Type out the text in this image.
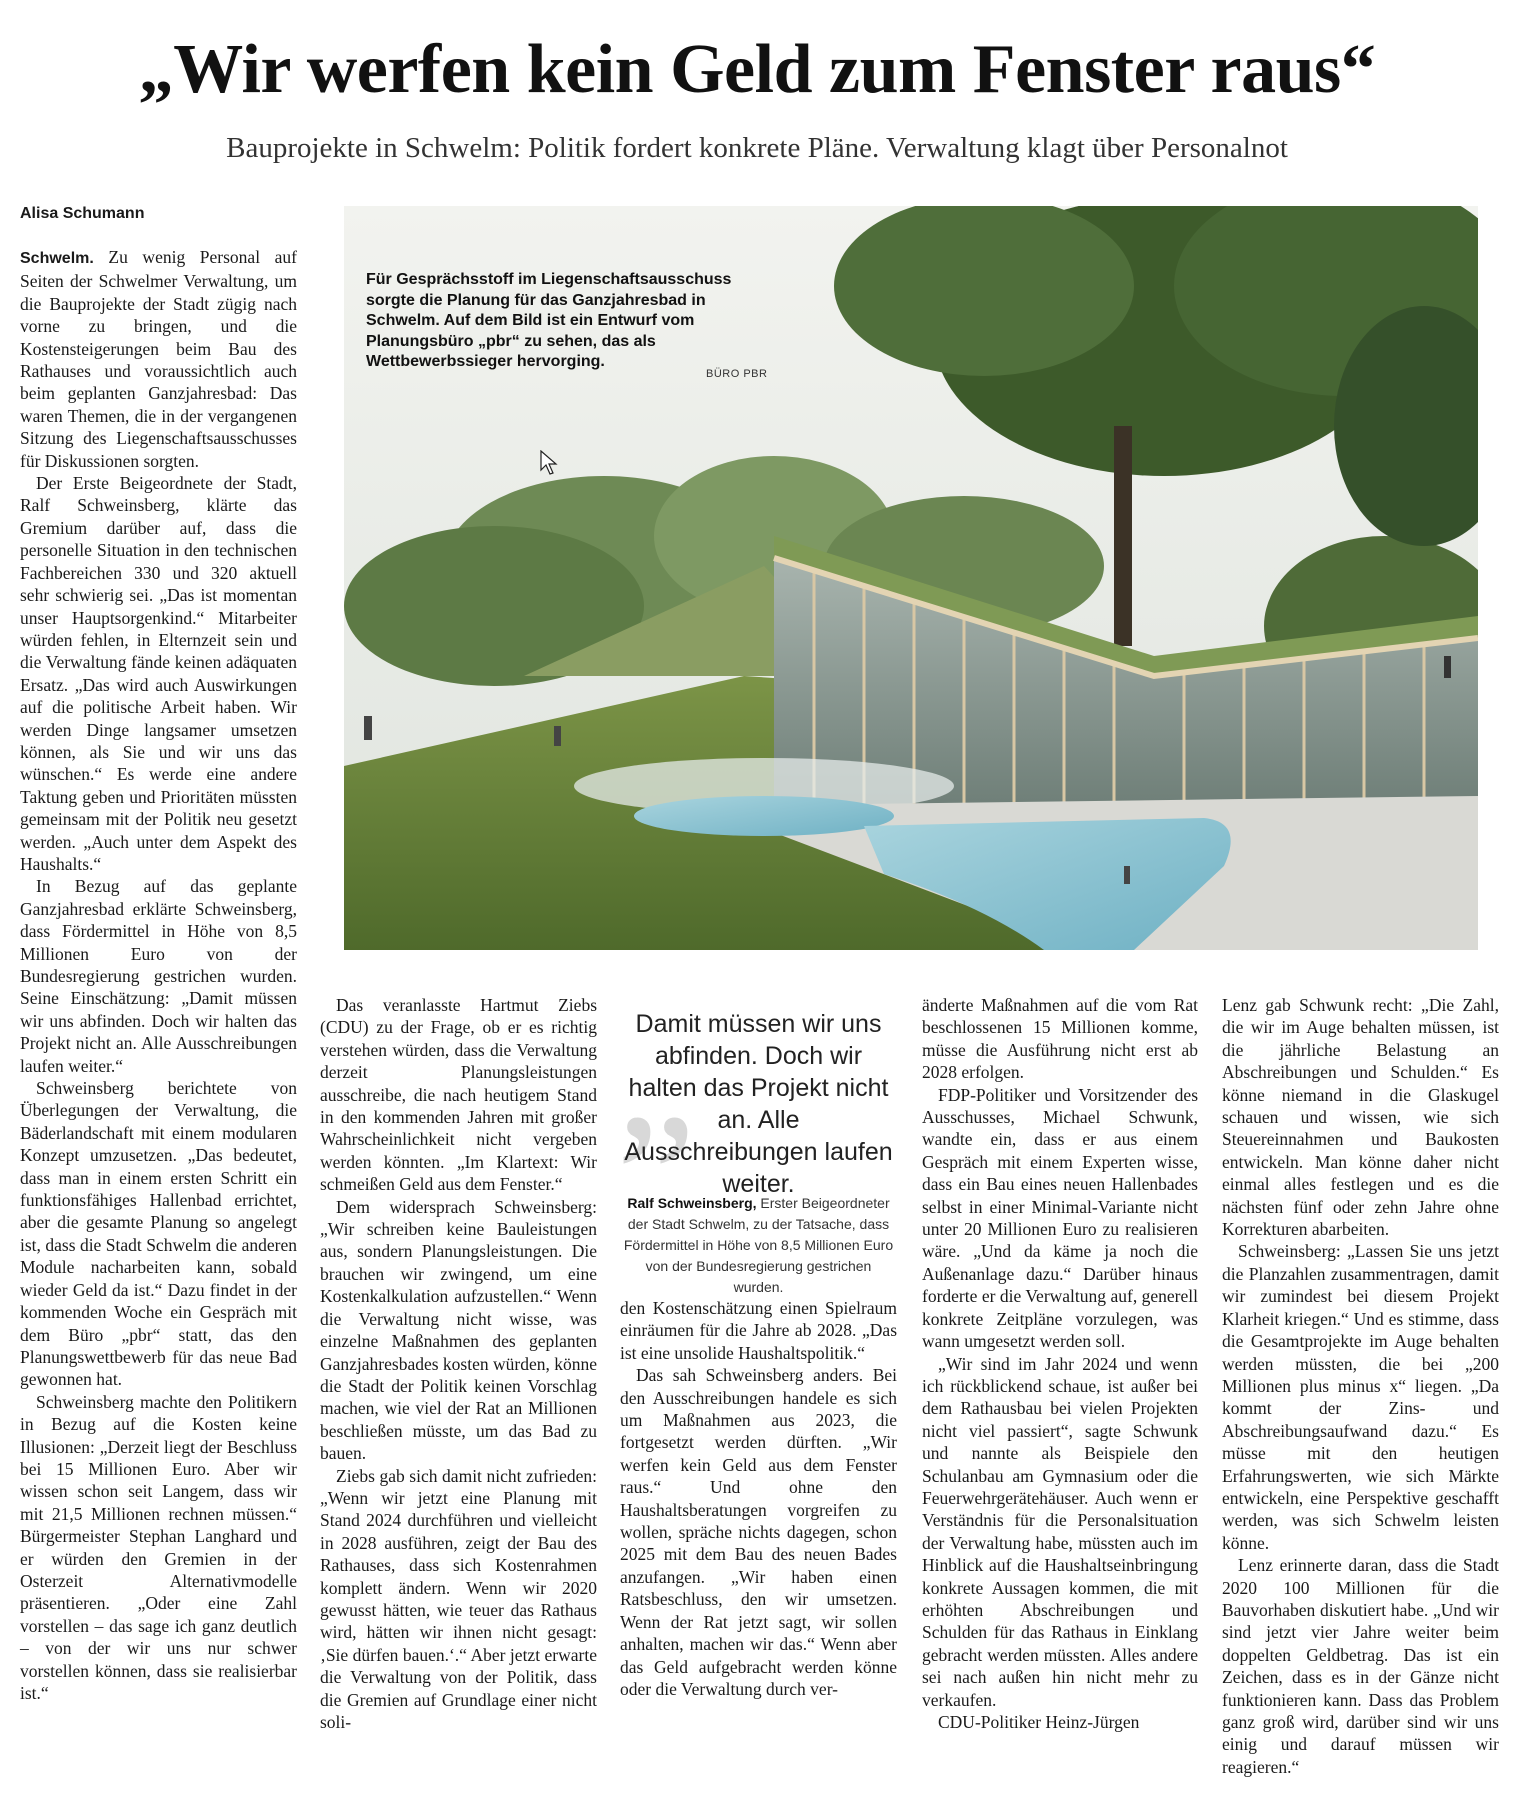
„Wir werfen kein Geld zum Fenster raus“
Bauprojekte in Schwelm: Politik fordert konkrete Pläne. Verwaltung klagt über Personalnot
Alisa Schumann

Schwelm. Zu wenig Personal auf Seiten der Schwelmer Verwaltung, um die Bauprojekte der Stadt zügig nach vorne zu bringen, und die Kostensteigerungen beim Bau des Rathauses und voraussichtlich auch beim geplanten Ganzjahresbad: Das waren Themen, die in der vergangenen Sitzung des Liegenschaftsausschusses für Diskussionen sorgten.

Der Erste Beigeordnete der Stadt, Ralf Schweinsberg, klärte das Gremium darüber auf, dass die personelle Situation in den technischen Fachbereichen 330 und 320 aktuell sehr schwierig sei. „Das ist momentan unser Hauptsorgenkind.“ Mitarbeiter würden fehlen, in Elternzeit sein und die Verwaltung fände keinen adäquaten Ersatz. „Das wird auch Auswirkungen auf die politische Arbeit haben. Wir werden Dinge langsamer umsetzen können, als Sie und wir uns das wünschen.“ Es werde eine andere Taktung geben und Prioritäten müssten gemeinsam mit der Politik neu gesetzt werden. „Auch unter dem Aspekt des Haushalts.“

In Bezug auf das geplante Ganzjahresbad erklärte Schweinsberg, dass Fördermittel in Höhe von 8,5 Millionen Euro von der Bundesregierung gestrichen wurden. Seine Einschätzung: „Damit müssen wir uns abfinden. Doch wir halten das Projekt nicht an. Alle Ausschreibungen laufen weiter.“

Schweinsberg berichtete von Überlegungen der Verwaltung, die Bäderlandschaft mit einem modularen Konzept umzusetzen. „Das bedeutet, dass man in einem ersten Schritt ein funktionsfähiges Hallenbad errichtet, aber die gesamte Planung so angelegt ist, dass die Stadt Schwelm die anderen Module nacharbeiten kann, sobald wieder Geld da ist.“ Dazu findet in der kommenden Woche ein Gespräch mit dem Büro „pbr“ statt, das den Planungswettbewerb für das neue Bad gewonnen hat.

Schweinsberg machte den Politikern in Bezug auf die Kosten keine Illusionen: „Derzeit liegt der Beschluss bei 15 Millionen Euro. Aber wir wissen schon seit Langem, dass wir mit 21,5 Millionen rechnen müssen.“ Bürgermeister Stephan Langhard und er würden den Gremien in der Osterzeit Alternativmodelle präsentieren. „Oder eine Zahl vorstellen – das sage ich ganz deutlich – von der wir uns nur schwer vorstellen können, dass sie realisierbar ist.“

Für Gesprächsstoff im Liegenschaftsausschuss sorgte die Planung für das Ganzjahresbad in Schwelm. Auf dem Bild ist ein Entwurf vom Planungsbüro „pbr“ zu sehen, das als Wettbewerbssieger hervorging.
BÜRO PBR

Das veranlasste Hartmut Ziebs (CDU) zu der Frage, ob er es richtig verstehen würden, dass die Verwaltung derzeit Planungsleistungen ausschreibe, die nach heutigem Stand in den kommenden Jahren mit großer Wahrscheinlichkeit nicht vergeben werden könnten. „Im Klartext: Wir schmeißen Geld aus dem Fenster.“

Dem widersprach Schweinsberg: „Wir schreiben keine Bauleistungen aus, sondern Planungsleistungen. Die brauchen wir zwingend, um eine Kostenkalkulation aufzustellen.“ Wenn die Verwaltung nicht wisse, was einzelne Maßnahmen des geplanten Ganzjahresbades kosten würden, könne die Stadt der Politik keinen Vorschlag machen, wie viel der Rat an Millionen beschließen müsste, um das Bad zu bauen.

Ziebs gab sich damit nicht zufrieden: „Wenn wir jetzt eine Planung mit Stand 2024 durchführen und vielleicht in 2028 ausführen, zeigt der Bau des Rathauses, dass sich Kostenrahmen komplett ändern. Wenn wir 2020 gewusst hätten, wie teuer das Rathaus wird, hätten wir ihnen nicht gesagt: ‚Sie dürfen bauen.‘.“ Aber jetzt erwarte die Verwaltung von der Politik, dass die Gremien auf Grundlage einer nicht soli-

„
Damit müssen wir uns abfinden. Doch wir halten das Projekt nicht an. Alle Ausschreibungen laufen weiter.
Ralf Schweinsberg, Erster Beigeordneter der Stadt Schwelm, zu der Tatsache, dass Fördermittel in Höhe von 8,5 Millionen Euro von der Bundesregierung gestrichen wurden.

den Kostenschätzung einen Spielraum einräumen für die Jahre ab 2028. „Das ist eine unsolide Haushaltspolitik.“

Das sah Schweinsberg anders. Bei den Ausschreibungen handele es sich um Maßnahmen aus 2023, die fortgesetzt werden dürften. „Wir werfen kein Geld aus dem Fenster raus.“ Und ohne den Haushaltsberatungen vorgreifen zu wollen, spräche nichts dagegen, schon 2025 mit dem Bau des neuen Bades anzufangen. „Wir haben einen Ratsbeschluss, den wir umsetzen. Wenn der Rat jetzt sagt, wir sollen anhalten, machen wir das.“ Wenn aber das Geld aufgebracht werden könne oder die Verwaltung durch ver-

änderte Maßnahmen auf die vom Rat beschlossenen 15 Millionen komme, müsse die Ausführung nicht erst ab 2028 erfolgen.

FDP-Politiker und Vorsitzender des Ausschusses, Michael Schwunk, wandte ein, dass er aus einem Gespräch mit einem Experten wisse, dass ein Bau eines neuen Hallenbades selbst in einer Minimal-Variante nicht unter 20 Millionen Euro zu realisieren wäre. „Und da käme ja noch die Außenanlage dazu.“ Darüber hinaus forderte er die Verwaltung auf, generell konkrete Zeitpläne vorzulegen, was wann umgesetzt werden soll.

„Wir sind im Jahr 2024 und wenn ich rückblickend schaue, ist außer bei dem Rathausbau bei vielen Projekten nicht viel passiert“, sagte Schwunk und nannte als Beispiele den Schulanbau am Gymnasium oder die Feuerwehrgerätehäuser. Auch wenn er Verständnis für die Personalsituation der Verwaltung habe, müssten auch im Hinblick auf die Haushaltseinbringung konkrete Aussagen kommen, die mit erhöhten Abschreibungen und Schulden für das Rathaus in Einklang gebracht werden müssten. Alles andere sei nach außen hin nicht mehr zu verkaufen.

CDU-Politiker Heinz-Jürgen

Lenz gab Schwunk recht: „Die Zahl, die wir im Auge behalten müssen, ist die jährliche Belastung an Abschreibungen und Schulden.“ Es könne niemand in die Glaskugel schauen und wissen, wie sich Steuereinnahmen und Baukosten entwickeln. Man könne daher nicht einmal alles festlegen und es die nächsten fünf oder zehn Jahre ohne Korrekturen abarbeiten.

Schweinsberg: „Lassen Sie uns jetzt die Planzahlen zusammentragen, damit wir zumindest bei diesem Projekt Klarheit kriegen.“ Und es stimme, dass die Gesamtprojekte im Auge behalten werden müssten, die bei „200 Millionen plus minus x“ liegen. „Da kommt der Zins- und Abschreibungsaufwand dazu.“ Es müsse mit den heutigen Erfahrungswerten, wie sich Märkte entwickeln, eine Perspektive geschafft werden, was sich Schwelm leisten könne.

Lenz erinnerte daran, dass die Stadt 2020 100 Millionen für die Bauvorhaben diskutiert habe. „Und wir sind jetzt vier Jahre weiter beim doppelten Geldbetrag. Das ist ein Zeichen, dass es in der Gänze nicht funktionieren kann. Dass das Problem ganz groß wird, darüber sind wir uns einig und darauf müssen wir reagieren.“
